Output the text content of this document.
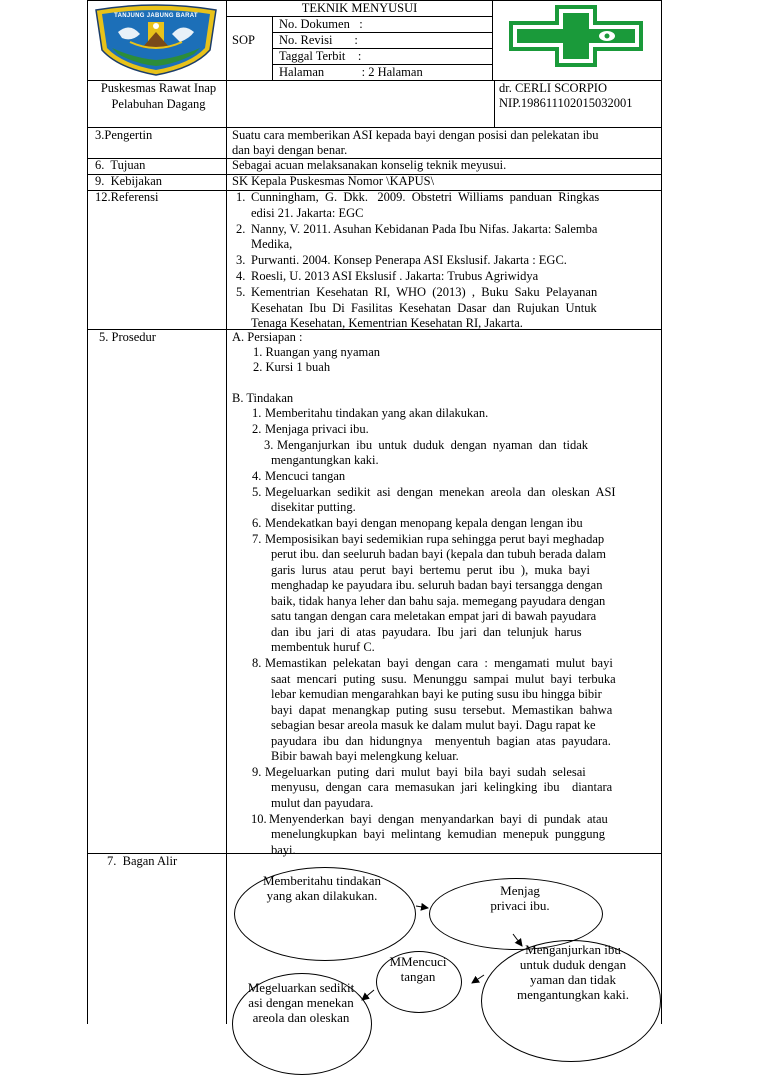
TANJUNG JABUNG BARAT
TEKNIK MENYUSUI
SOP
No. Dokumen   :
No. Revisi       :
Taggal Terbit    :
Halaman            : 2 Halaman
Puskesmas Rawat Inap Pelabuhan Dagang
dr. CERLI SCORPIO
NIP.198611102015032001
3.Pengertin	Suatu cara memberikan ASI kepada bayi dengan posisi dan pelekatan ibu
dan bayi dengan benar.
6.  Tujuan	Sebagai acuan melaksanakan konselig teknik meyusui.
9.  Kebijakan	SK Kepala Puskesmas Nomor \KAPUS\
12.Referensi	1. Cunningham,  G.  Dkk.   2009.  Obstetri  Williams  panduan  Ringkas
edisi 21. Jakarta: EGC
2. Nanny, V. 2011. Asuhan Kebidanan Pada Ibu Nifas. Jakarta: Salemba
Medika,
3. Purwanti. 2004. Konsep Penerapa ASI Ekslusif. Jakarta : EGC.
4. Roesli, U. 2013 ASI Ekslusif . Jakarta: Trubus Agriwidya
5. Kementrian  Kesehatan  RI,  WHO  (2013)  ,  Buku  Saku  Pelayanan
Kesehatan  Ibu  Di  Fasilitas  Kesehatan  Dasar  dan  Rujukan  Untuk
Tenaga Kesehatan, Kementrian Kesehatan RI, Jakarta.
5. Prosedur	A. Persiapan :
1. Ruangan yang nyaman
2. Kursi 1 buah
B. Tindakan
1. Memberitahu tindakan yang akan dilakukan.
2. Menjaga privaci ibu.
3. Menganjurkan  ibu  untuk  duduk  dengan  nyaman  dan  tidak
mengantungkan kaki.
4. Mencuci tangan
5. Megeluarkan  sedikit  asi  dengan  menekan  areola  dan  oleskan  ASI
disekitar putting.
6. Mendekatkan bayi dengan menopang kepala dengan lengan ibu
7. Memposisikan bayi sedemikian rupa sehingga perut bayi meghadap
perut ibu. dan seeluruh badan bayi (kepala dan tubuh berada dalam
garis  lurus  atau  perut  bayi  bertemu  perut  ibu  ),  muka  bayi
menghadap ke payudara ibu. seluruh badan bayi tersangga dengan
baik, tidak hanya leher dan bahu saja. memegang payudara dengan
satu tangan dengan cara meletakan empat jari di bawah payudara
dan  ibu  jari  di  atas  payudara.  Ibu  jari  dan  telunjuk  harus
membentuk huruf C.
8. Memastikan  pelekatan  bayi  dengan  cara  :  mengamati  mulut  bayi
saat  mencari  puting  susu.  Menunggu  sampai  mulut  bayi  terbuka
lebar kemudian mengarahkan bayi ke puting susu ibu hingga bibir
bayi  dapat  menangkap  puting  susu  tersebut.  Memastikan  bahwa
sebagian besar areola masuk ke dalam mulut bayi. Dagu rapat ke
payudara  ibu  dan  hidungnya    menyentuh  bagian  atas  payudara.
Bibir bawah bayi melengkung keluar.
9. Megeluarkan  puting  dari  mulut  bayi  bila  bayi  sudah  selesai
menyusu,  dengan  cara  memasukan  jari  kelingking  ibu    diantara
mulut dan payudara.
10. Menyenderkan  bayi  dengan  menyandarkan  bayi  di  pundak  atau
menelungkupkan  bayi  melintang  kemudian  menepuk  punggung
bayi.
7.  Bagan Alir
Memberitahu tindakan
yang akan dilakukan.	Menjag
privaci ibu.
Menganjurkan ibu
untuk duduk dengan
yaman dan tidak
mengantungkan kaki.
MMencuci
tangan
Megeluarkan sedikit
asi dengan menekan
areola dan oleskan
